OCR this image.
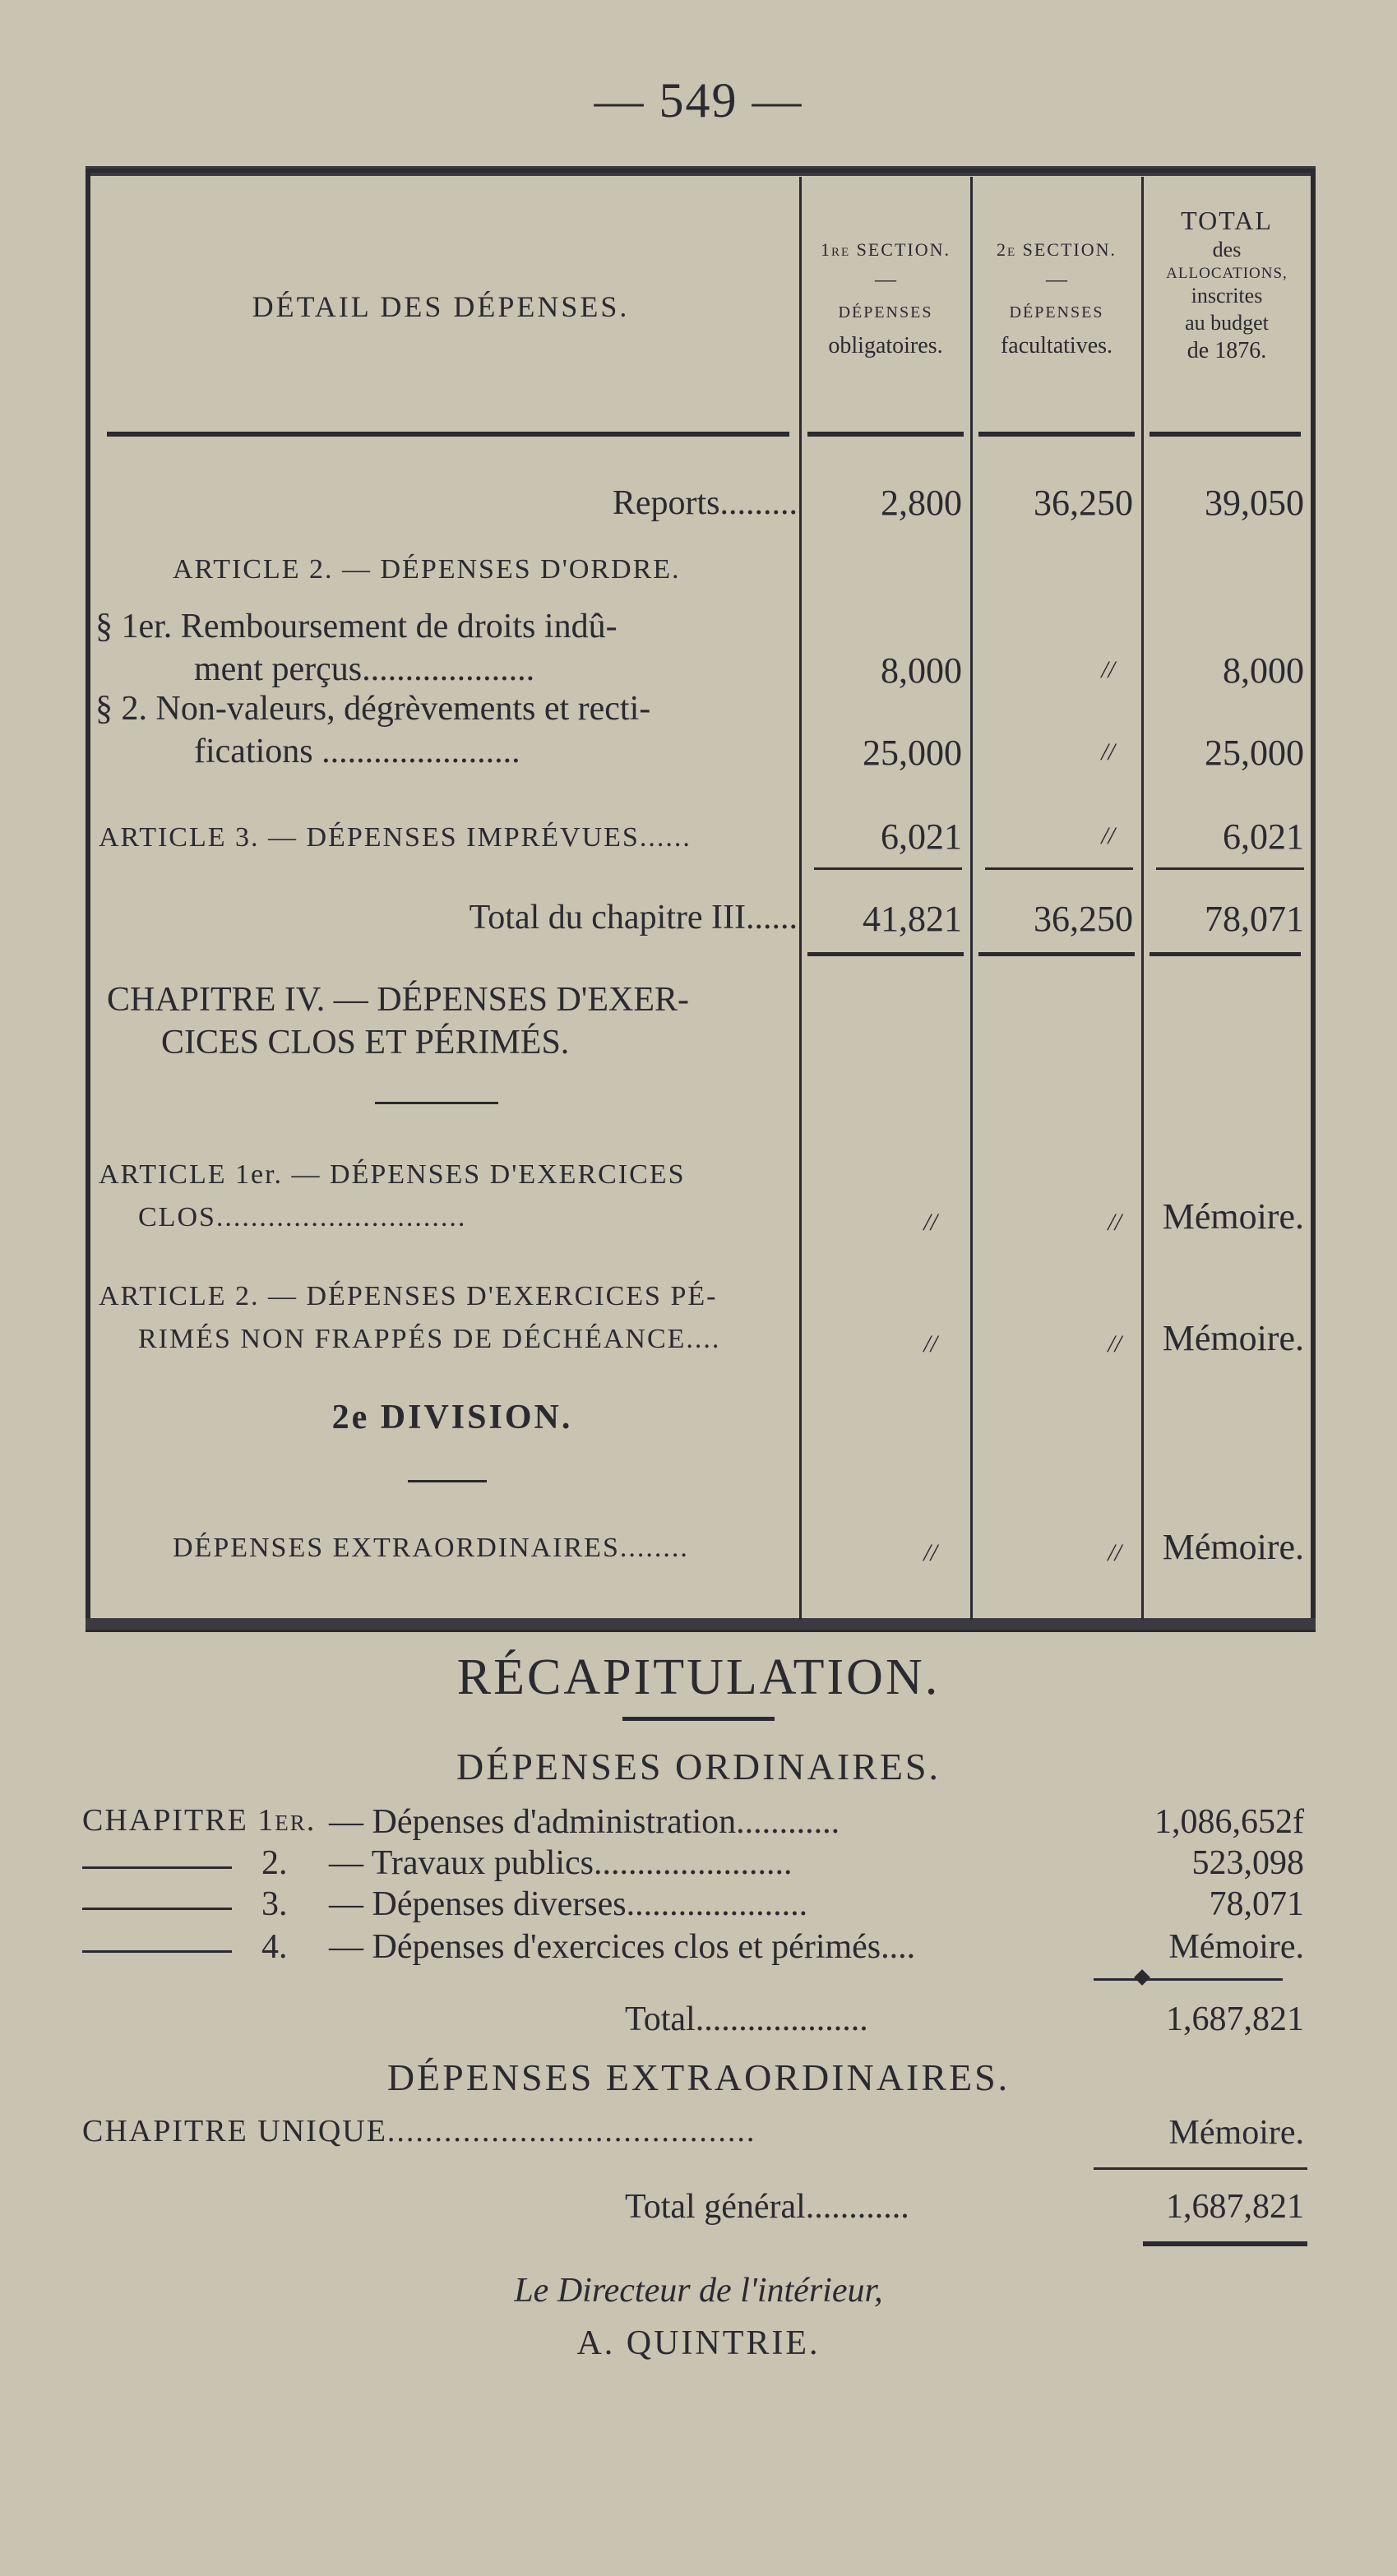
— 549 —
DÉTAIL DES DÉPENSES.
1re SECTION.
—
DÉPENSES
obligatoires.
2e SECTION.
—
DÉPENSES
facultatives.
TOTAL
des
ALLOCATIONS,
inscrites
au budget
de 1876.
Reports.........	2,800	36,250	39,050
ARTICLE 2. — DÉPENSES D'ORDRE.
§ 1er. Remboursement de droits indû-
ment perçus....................	8,000	//	8,000
§ 2. Non-valeurs, dégrèvements et recti-
fications .......................	25,000	//	25,000
ARTICLE 3. — DÉPENSES IMPRÉVUES......	6,021	//	6,021
Total du chapitre III......	41,821	36,250	78,071
CHAPITRE IV. — DÉPENSES D'EXER-
CICES CLOS ET PÉRIMÉS.
ARTICLE 1er. — DÉPENSES D'EXERCICES
CLOS.............................	//	//	Mémoire.
ARTICLE 2. — DÉPENSES D'EXERCICES PÉ-
RIMÉS NON FRAPPÉS DE DÉCHÉANCE....	//	//	Mémoire.
2e DIVISION.
DÉPENSES EXTRAORDINAIRES........	//	//	Mémoire.
RÉCAPITULATION.
DÉPENSES ORDINAIRES.
CHAPITRE 1er. — Dépenses d'administration............	1,086,652f
2. — Travaux publics.......................	523,098
3. — Dépenses diverses.....................	78,071
4. — Dépenses d'exercices clos et périmés....	Mémoire.
Total....................	1,687,821
DÉPENSES EXTRAORDINAIRES.
CHAPITRE UNIQUE.......................................	Mémoire.
Total général............	1,687,821
Le Directeur de l'intérieur,
A. QUINTRIE.
